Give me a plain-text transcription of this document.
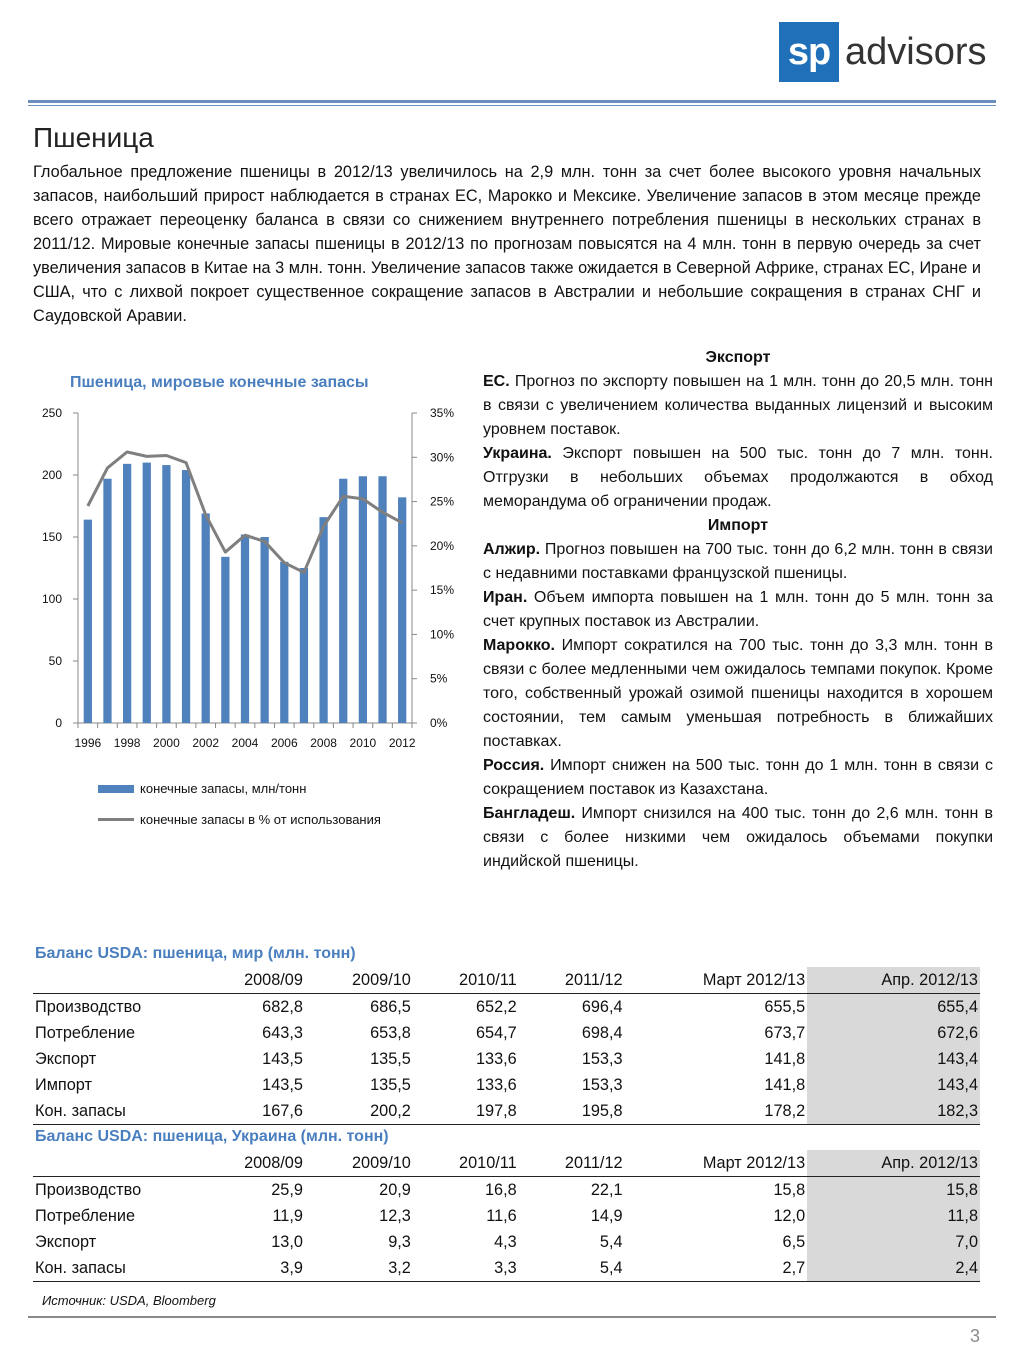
sp advisors
Пшеница
Глобальное предложение пшеницы в 2012/13 увеличилось на 2,9 млн. тонн за счет более высокого уровня начальных запасов, наибольший прирост наблюдается в странах ЕС, Марокко и Мексике. Увеличение запасов в этом месяце прежде всего отражает переоценку баланса в связи со снижением внутреннего потребления пшеницы в нескольких странах в 2011/12. Мировые конечные запасы пшеницы в 2012/13 по прогнозам повысятся на 4 млн. тонн в первую очередь за счет увеличения запасов в Китае на 3 млн. тонн. Увеличение запасов также ожидается в Северной Африке, странах ЕС, Иране и США, что с лихвой покроет существенное сокращение запасов в Австралии и небольшие сокращения в странах СНГ и Саудовской Аравии.
Пшеница, мировые конечные запасы
0
50
100
150
200
250
0%
5%
10%
15%
20%
25%
30%
35%
1996 1998 2000 2002 2004 2006 2008 2010 2012
конечные запасы, млн/тонн
конечные запасы в % от использования
Экспорт

ЕС. Прогноз по экспорту повышен на 1 млн. тонн до 20,5 млн. тонн в связи с увеличением количества выданных лицензий и высоким уровнем поставок.

Украина. Экспорт повышен на 500 тыс. тонн до 7 млн. тонн. Отгрузки в небольших объемах продолжаются в обход меморандума об ограничении продаж.

Импорт

Алжир. Прогноз повышен на 700 тыс. тонн до 6,2 млн. тонн в связи с недавними поставками французской пшеницы.

Иран. Объем импорта повышен на 1 млн. тонн до 5 млн. тонн за счет крупных поставок из Австралии.

Марокко. Импорт сократился на 700 тыс. тонн до 3,3 млн. тонн в связи с более медленными чем ожидалось темпами покупок. Кроме того, собственный урожай озимой пшеницы находится в хорошем состоянии, тем самым уменьшая потребность в ближайших поставках.

Россия. Импорт снижен на 500 тыс. тонн до 1 млн. тонн в связи с сокращением поставок из Казахстана.

Бангладеш. Импорт снизился на 400 тыс. тонн до 2,6 млн. тонн в связи с более низкими чем ожидалось объемами покупки индийской пшеницы.

Баланс USDA: пшеница, мир (млн. тонн)
	2008/09	2009/10	2010/11	2011/12	Март 2012/13	Апр. 2012/13
Производство	682,8	686,5	652,2	696,4	655,5	655,4
Потребление	643,3	653,8	654,7	698,4	673,7	672,6
Экспорт	143,5	135,5	133,6	153,3	141,8	143,4
Импорт	143,5	135,5	133,6	153,3	141,8	143,4
Кон. запасы	167,6	200,2	197,8	195,8	178,2	182,3
Баланс USDA: пшеница, Украина (млн. тонн)
	2008/09	2009/10	2010/11	2011/12	Март 2012/13	Апр. 2012/13
Производство	25,9	20,9	16,8	22,1	15,8	15,8
Потребление	11,9	12,3	11,6	14,9	12,0	11,8
Экспорт	13,0	9,3	4,3	5,4	6,5	7,0
Кон. запасы	3,9	3,2	3,3	5,4	2,7	2,4
Источник: USDA, Bloomberg
3
